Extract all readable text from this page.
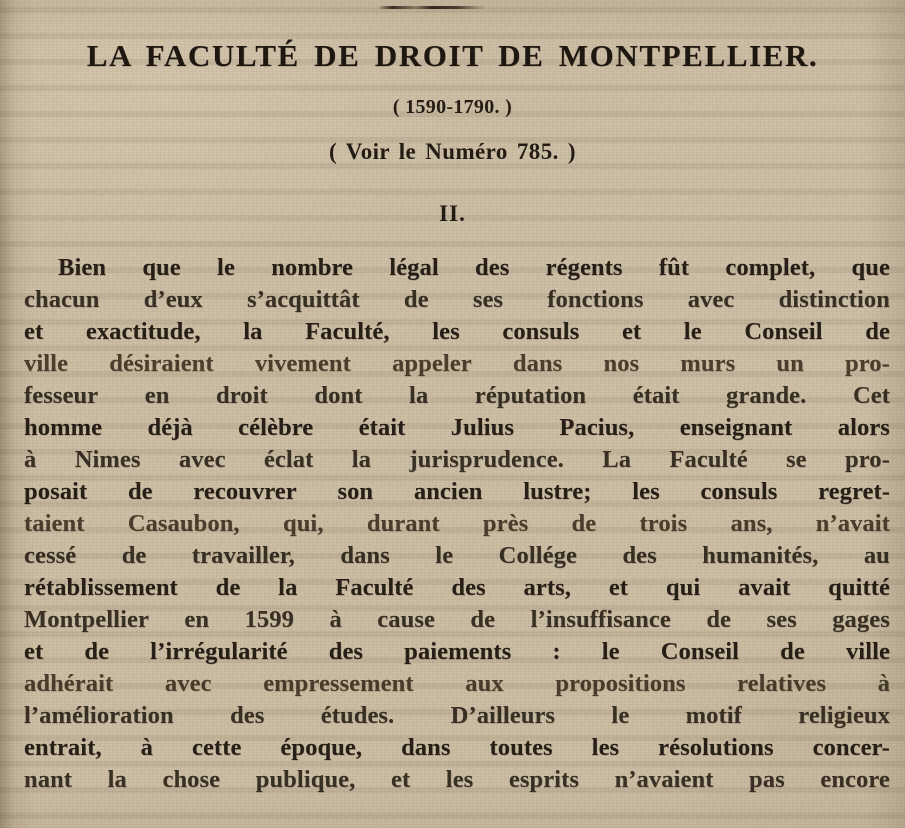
LA FACULTÉ DE DROIT DE MONTPELLIER.
( 1590-1790. )
( Voir le Numéro 785. )
II.
Bien que le nombre légal des régents fût complet, que
chacun d’eux s’acquittât de ses fonctions avec distinction
et exactitude, la Faculté, les consuls et le Conseil de
ville désiraient vivement appeler dans nos murs un pro-
fesseur en droit dont la réputation était grande. Cet
homme déjà célèbre était Julius Pacius, enseignant alors
à Nimes avec éclat la jurisprudence. La Faculté se pro-
posait de recouvrer son ancien lustre; les consuls regret-
taient Casaubon, qui, durant près de trois ans, n’avait
cessé de travailler, dans le Collége des humanités, au
rétablissement de la Faculté des arts, et qui avait quitté
Montpellier en 1599 à cause de l’insuffisance de ses gages
et de l’irrégularité des paiements : le Conseil de ville
adhérait avec empressement aux propositions relatives à
l’amélioration des études. D’ailleurs le motif religieux
entrait, à cette époque, dans toutes les résolutions concer-
nant la chose publique, et les esprits n’avaient pas encore
